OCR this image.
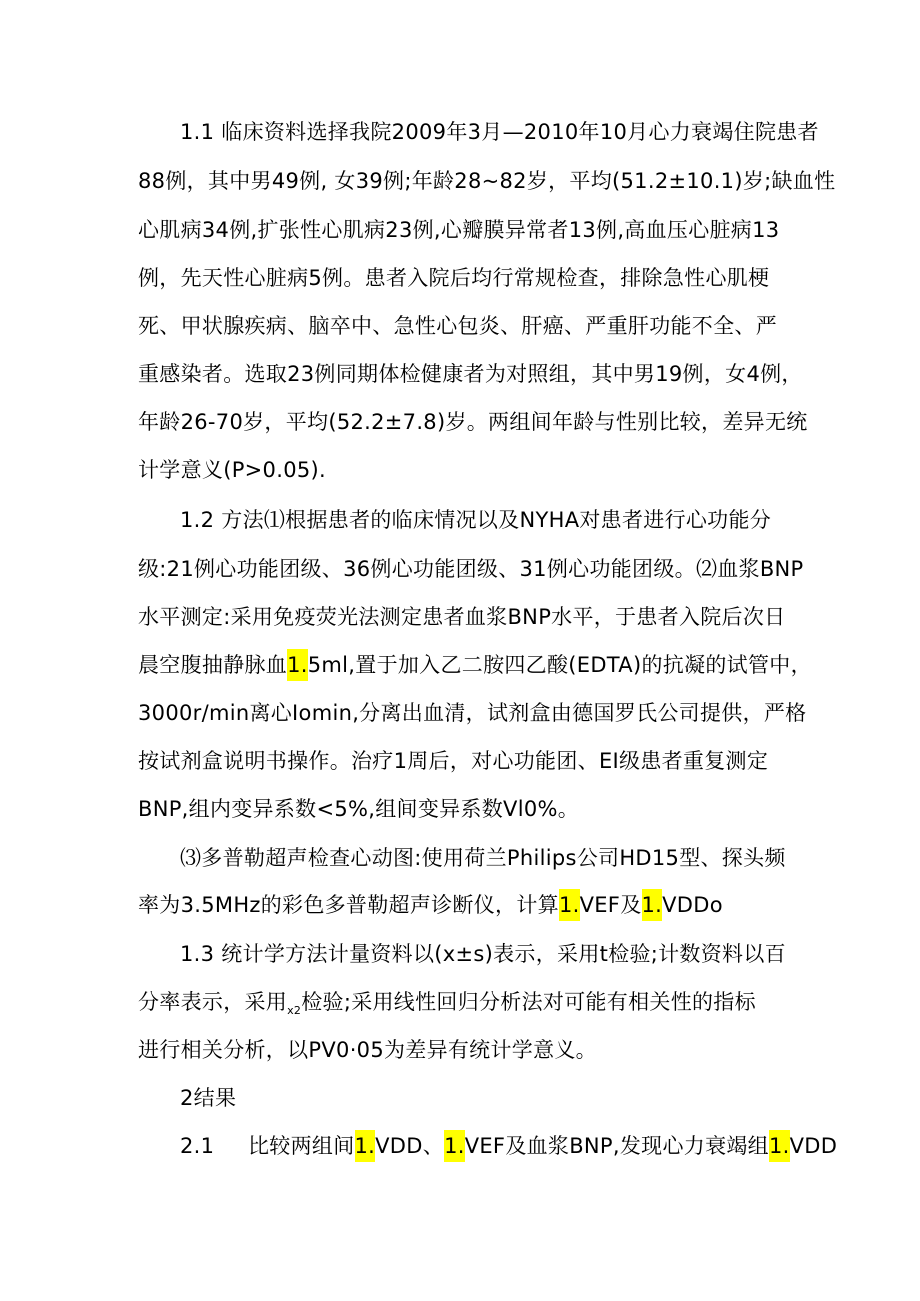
1.1 临床资料选择我院2009年3月—2010年10月心力衰竭住院患者
88例，其中男49例, 女39例;年龄28~82岁，平均(51.2±10.1)岁;缺血性
心肌病34例,扩张性心肌病23例,心瓣膜异常者13例,高血压心脏病13
例，先天性心脏病5例。患者入院后均行常规检查，排除急性心肌梗
死、甲状腺疾病、脑卒中、急性心包炎、肝癌、严重肝功能不全、严
重感染者。选取23例同期体检健康者为对照组，其中男19例，女4例，
年龄26-70岁，平均(52.2±7.8)岁。两组间年龄与性别比较，差异无统
计学意义(P>0.05).
1.2 方法⑴根据患者的临床情况以及NYHA对患者进行心功能分
级:21例心功能团级、36例心功能团级、31例心功能团级。⑵血浆BNP
水平测定:采用免疫荧光法测定患者血浆BNP水平，于患者入院后次日
晨空腹抽静脉血1.5ml,置于加入乙二胺四乙酸(EDTA)的抗凝的试管中，
3000r/min离心Iomin,分离出血清，试剂盒由德国罗氏公司提供，严格
按试剂盒说明书操作。治疗1周后，对心功能团、EI级患者重复测定
BNP,组内变异系数<5%,组间变异系数Vl0%。
⑶多普勒超声检查心动图:使用荷兰Philips公司HD15型、探头频
率为3.5MHz的彩色多普勒超声诊断仪，计算1.VEF及1.VDDo
1.3 统计学方法计量资料以(x±s)表示，采用t检验;计数资料以百
分率表示，采用$_{x2}$检验;采用线性回归分析法对可能有相关性的指标
进行相关分析，以PV0·05为差异有统计学意义。
2结果
2.1 比较两组间1.VDD、1.VEF及血浆BNP,发现心力衰竭组1.VDD
